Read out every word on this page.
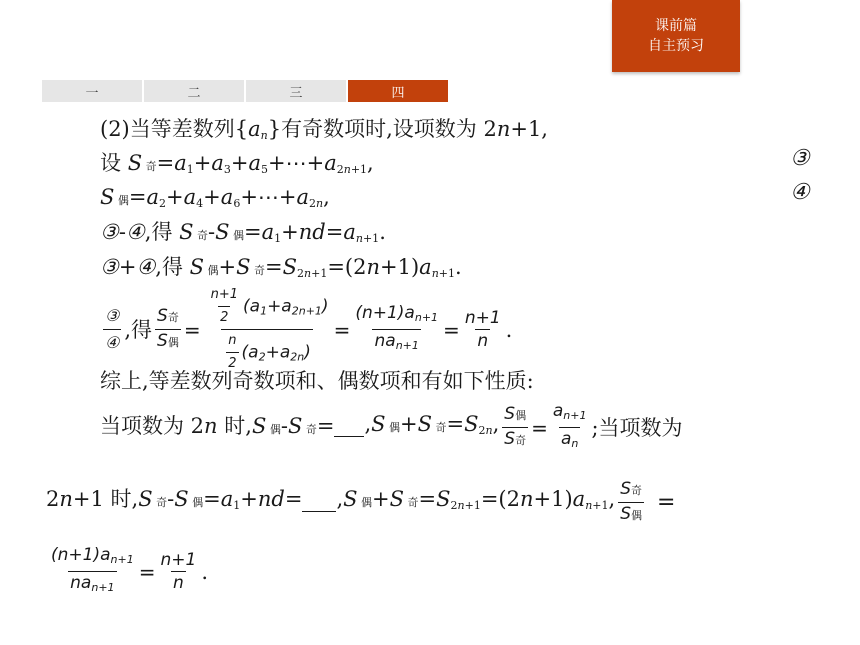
课前篇
自主预习
一	二	三	四
(2)当等差数列$\{a_n\}$有奇数项时,设项数为 2n+1,
设 S 奇$=a_1+a_3+a_5+\cdots+a_{2n+1}$,	③
S 偶$=a_2+a_4+a_6+\cdots+a_{2n}$,	④
③-④,得 S 奇-S 偶$=a_1+nd=a_{n+1}$.
③+④,得 S 偶+S 奇$=S_{2n+1}=(2n+1)a_{n+1}$.
$\frac{\text{③}}{\text{④}}$ ,得 $\frac{\text{S奇}}{\text{S偶}} = \frac{\frac{n+1}{2} (a_1+a_{2n+1})}{\frac{n}{2} (a_2+a_{2n})} = \frac{(n+1)a_{n+1}}{na_{n+1}} = \frac{n+1}{n}$ .
综上,等差数列奇数项和、偶数项和有如下性质:
当项数为 2n 时,S 偶-S 奇= ,S 偶+S 奇$=S_{2n}$, $\frac{\text{S偶}}{\text{S奇}} = \frac{a_{n+1}}{a_n}$ ;当项数为
2n+1 时,S 奇-S 偶$=a_1+nd= ,S$ 偶+S 奇$=S_{2n+1}=(2n+1)a_{n+1}$, $\frac{\text{S奇}}{\text{S偶}}$ =
$\frac{(n+1)a_{n+1}}{na_{n+1}} = \frac{n+1}{n}$ .
